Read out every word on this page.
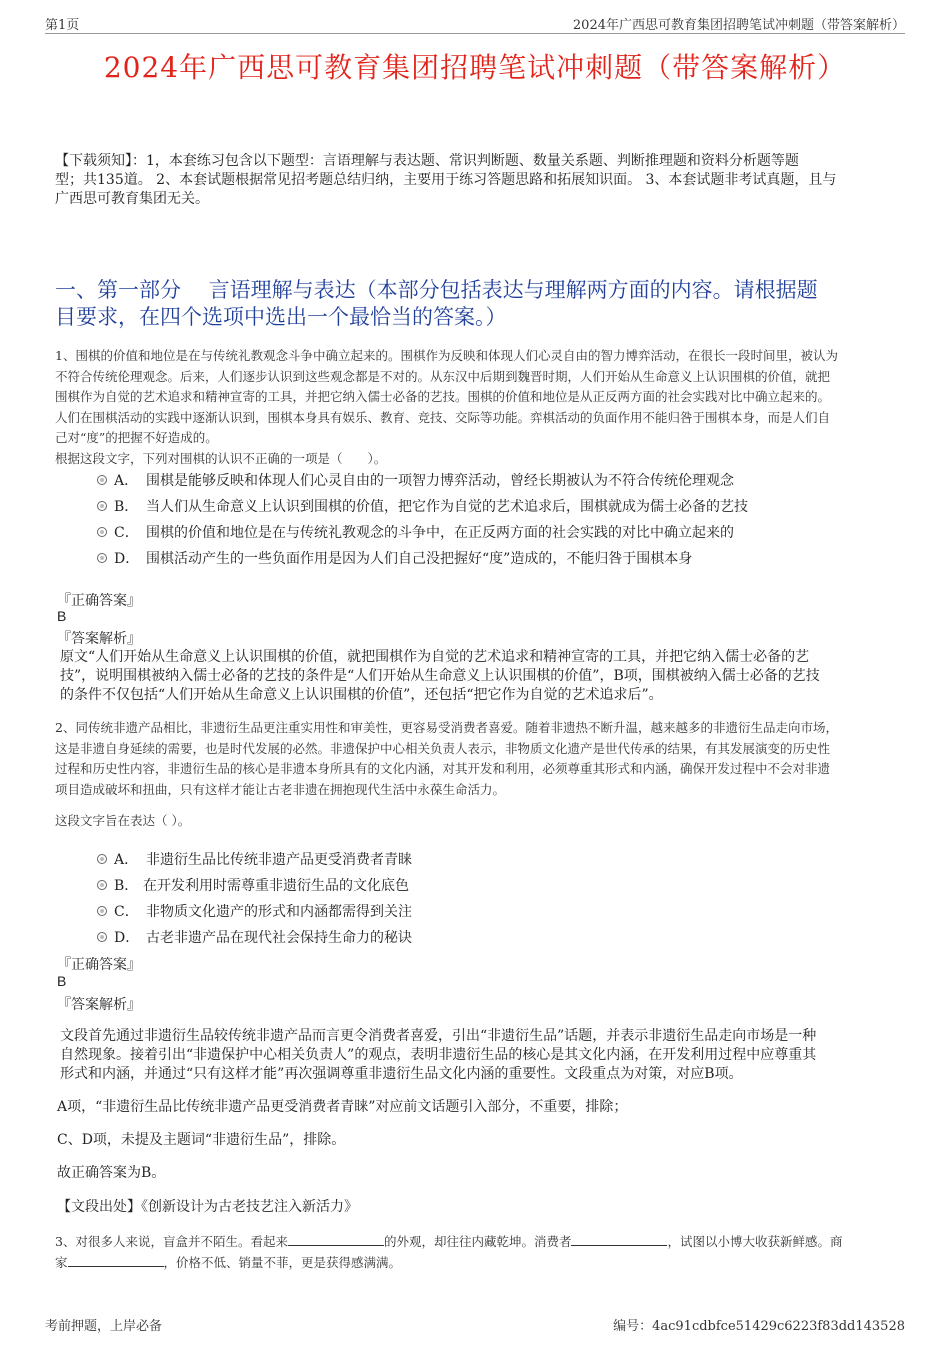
第1页	2024年广西思可教育集团招聘笔试冲刺题（带答案解析）
2024年广西思可教育集团招聘笔试冲刺题（带答案解析）
【下载须知】：1，本套练习包含以下题型：言语理解与表达题、常识判断题、数量关系题、判断推理题和资料分析题等题
型；共135道。 2、本套试题根据常见招考题总结归纳，主要用于练习答题思路和拓展知识面。 3、本套试题非考试真题，且与
广西思可教育集团无关。
一、第一部分　 言语理解与表达（本部分包括表达与理解两方面的内容。请根据题
目要求，在四个选项中选出一个最恰当的答案。）
1、围棋的价值和地位是在与传统礼教观念斗争中确立起来的。围棋作为反映和体现人们心灵自由的智力博弈活动，在很长一段时间里，被认为
不符合传统伦理观念。后来，人们逐步认识到这些观念都是不对的。从东汉中后期到魏晋时期，人们开始从生命意义上认识围棋的价值，就把
围棋作为自觉的艺术追求和精神宣寄的工具，并把它纳入儒士必备的艺技。围棋的价值和地位是从正反两方面的社会实践对比中确立起来的。
人们在围棋活动的实践中逐渐认识到，围棋本身具有娱乐、教育、竞技、交际等功能。弈棋活动的负面作用不能归咎于围棋本身，而是人们自
己对“度”的把握不好造成的。
根据这段文字，下列对围棋的认识不正确的一项是（　　）。
A． 围棋是能够反映和体现人们心灵自由的一项智力博弈活动，曾经长期被认为不符合传统伦理观念
B． 当人们从生命意义上认识到围棋的价值，把它作为自觉的艺术追求后，围棋就成为儒士必备的艺技
C． 围棋的价值和地位是在与传统礼教观念的斗争中，在正反两方面的社会实践的对比中确立起来的
D． 围棋活动产生的一些负面作用是因为人们自己没把握好“度”造成的，不能归咎于围棋本身
『正确答案』
B
『答案解析』
原文“人们开始从生命意义上认识围棋的价值，就把围棋作为自觉的艺术追求和精神宣寄的工具，并把它纳入儒士必备的艺
技”，说明围棋被纳入儒士必备的艺技的条件是“人们开始从生命意义上认识围棋的价值”，B项，围棋被纳入儒士必备的艺技
的条件不仅包括“人们开始从生命意义上认识围棋的价值”，还包括“把它作为自觉的艺术追求后”。
2、同传统非遗产品相比，非遗衍生品更注重实用性和审美性，更容易受消费者喜爱。随着非遗热不断升温，越来越多的非遗衍生品走向市场，
这是非遗自身延续的需要，也是时代发展的必然。非遗保护中心相关负责人表示，非物质文化遗产是世代传承的结果，有其发展演变的历史性
过程和历史性内容，非遗衍生品的核心是非遗本身所具有的文化内涵，对其开发和利用，必须尊重其形式和内涵，确保开发过程中不会对非遗
项目造成破坏和扭曲，只有这样才能让古老非遗在拥抱现代生活中永葆生命活力。
这段文字旨在表达（ ）。
A． 非遗衍生品比传统非遗产品更受消费者青睐
B． 在开发利用时需尊重非遗衍生品的文化底色
C． 非物质文化遗产的形式和内涵都需得到关注
D． 古老非遗产品在现代社会保持生命力的秘诀
『正确答案』
B
『答案解析』
文段首先通过非遗衍生品较传统非遗产品而言更令消费者喜爱，引出“非遗衍生品”话题，并表示非遗衍生品走向市场是一种
自然现象。接着引出“非遗保护中心相关负责人”的观点，表明非遗衍生品的核心是其文化内涵，在开发利用过程中应尊重其
形式和内涵，并通过“只有这样才能”再次强调尊重非遗衍生品文化内涵的重要性。文段重点为对策，对应B项。
A项，“非遗衍生品比传统非遗产品更受消费者青睐”对应前文话题引入部分，不重要，排除；
C、D项，未提及主题词“非遗衍生品”，排除。
故正确答案为B。
【文段出处】《创新设计为古老技艺注入新活力》
3、对很多人来说，盲盒并不陌生。看起来	的外观，却往往内藏乾坤。消费者	，试图以小博大收获新鲜感。商
家	，价格不低、销量不菲，更是获得感满满。
考前押题，上岸必备	编号：4ac91cdbfce51429c6223f83dd143528
